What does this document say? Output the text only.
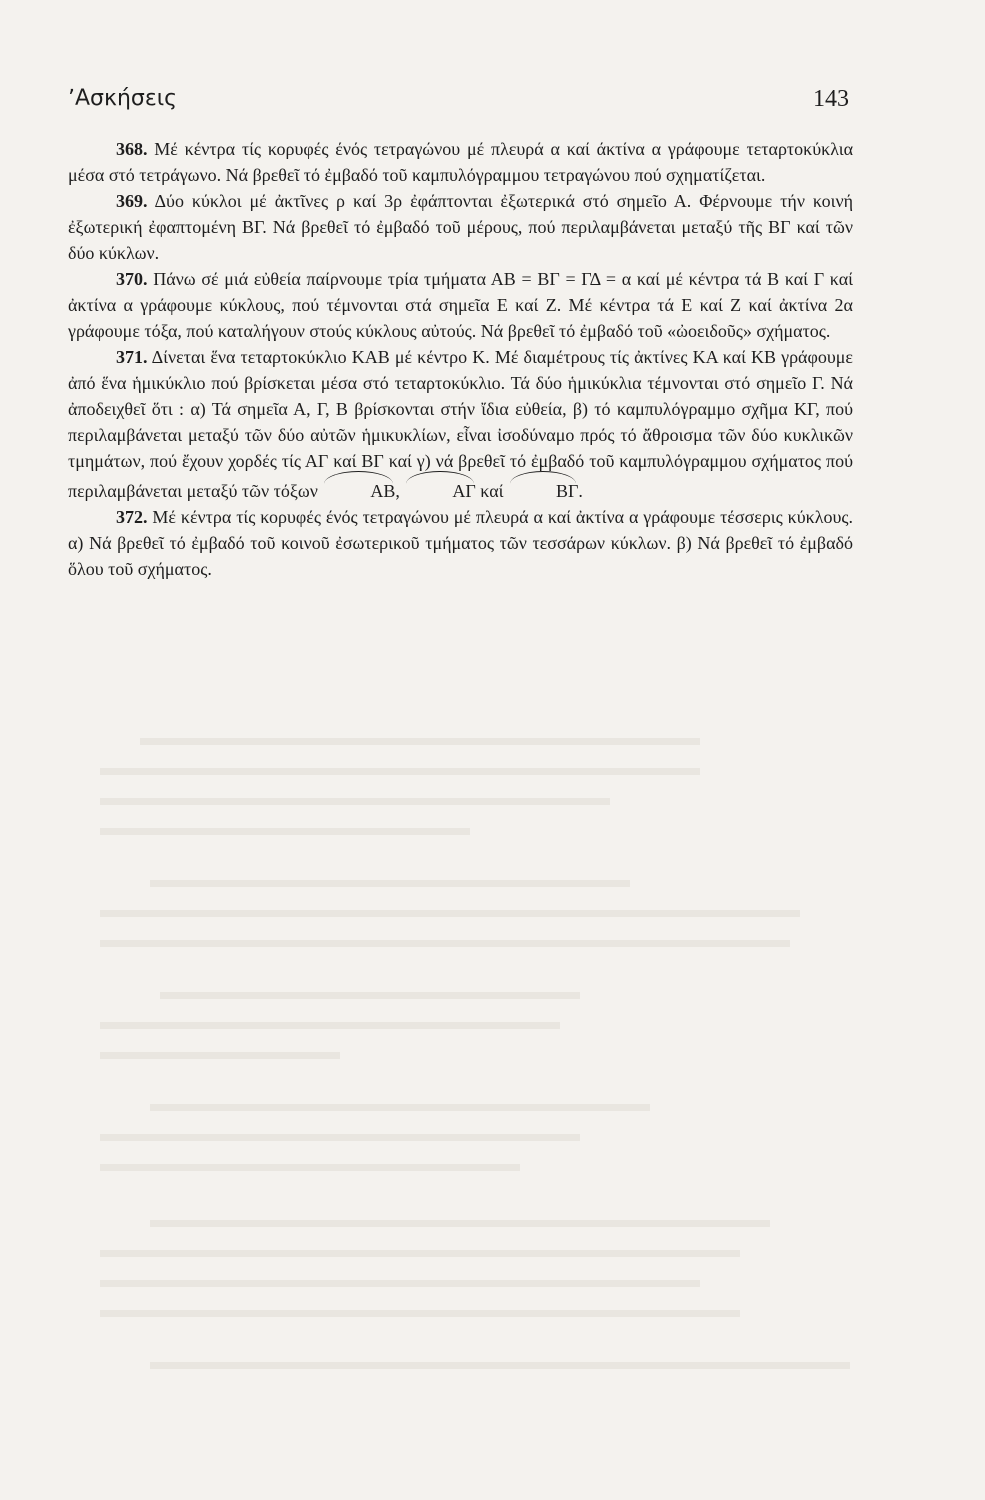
ʼΑσκήσεις	143

368. Μέ κέντρα τίς κορυφές ένός τετραγώνου μέ πλευρά α καί άκτίνα α γράφουμε τεταρτοκύκλια μέσα στό τετράγωνο. Νά βρεθεῖ τό ἐμβαδό τοῦ καμπυλόγραμμου τετραγώνου πού σχηματίζεται.

369. Δύο κύκλοι μέ ἀκτῖνες ρ καί 3ρ ἐφάπτονται ἐξωτερικά στό σημεῖο Α. Φέρνουμε τήν κοινή ἐξωτερική ἐφαπτομένη ΒΓ. Νά βρεθεῖ τό ἐμβαδό τοῦ μέρους, πού περιλαμβάνεται μεταξύ τῆς ΒΓ καί τῶν δύο κύκλων.

370. Πάνω σέ μιά εὐθεία παίρνουμε τρία τμήματα ΑΒ = ΒΓ = ΓΔ = α καί μέ κέντρα τά Β καί Γ καί ἀκτίνα α γράφουμε κύκλους, πού τέμνονται στά σημεῖα Ε καί Ζ. Μέ κέντρα τά Ε καί Ζ καί ἀκτίνα 2α γράφουμε τόξα, πού καταλήγουν στούς κύκλους αὐτούς. Νά βρεθεῖ τό ἐμβαδό τοῦ «ὠοειδοῦς» σχήματος.

371. Δίνεται ἕνα τεταρτοκύκλιο ΚΑΒ μέ κέντρο Κ. Μέ διαμέτρους τίς ἀκτίνες ΚΑ καί ΚΒ γράφουμε ἀπό ἕνα ἡμικύκλιο πού βρίσκεται μέσα στό τεταρτοκύκλιο. Τά δύο ἡμικύκλια τέμνονται στό σημεῖο Γ. Νά ἀποδειχθεῖ ὅτι : α) Τά σημεῖα Α, Γ, Β βρίσκονται στήν ἴδια εὐθεία, β) τό καμπυλόγραμμο σχῆμα ΚΓ, πού περιλαμβάνεται μεταξύ τῶν δύο αὐτῶν ἡμικυκλίων, εἶναι ἰσοδύναμο πρός τό ἄθροισμα τῶν δύο κυκλικῶν τμημάτων, πού ἔχουν χορδές τίς ΑΓ καί ΒΓ καί γ) νά βρεθεῖ τό ἐμβαδό τοῦ καμπυλόγραμμου σχήματος πού περιλαμβάνεται μεταξύ τῶν τόξων	ΑΒ,	ΑΓ καί	ΒΓ.

372. Μέ κέντρα τίς κορυφές ένός τετραγώνου μέ πλευρά α καί ἀκτίνα α γράφουμε τέσσερις κύκλους. α) Νά βρεθεῖ τό ἐμβαδό τοῦ κοινοῦ ἐσωτερικοῦ τμήματος τῶν τεσσάρων κύκλων. β) Νά βρεθεῖ τό ἐμβαδό ὅλου τοῦ σχήματος.
